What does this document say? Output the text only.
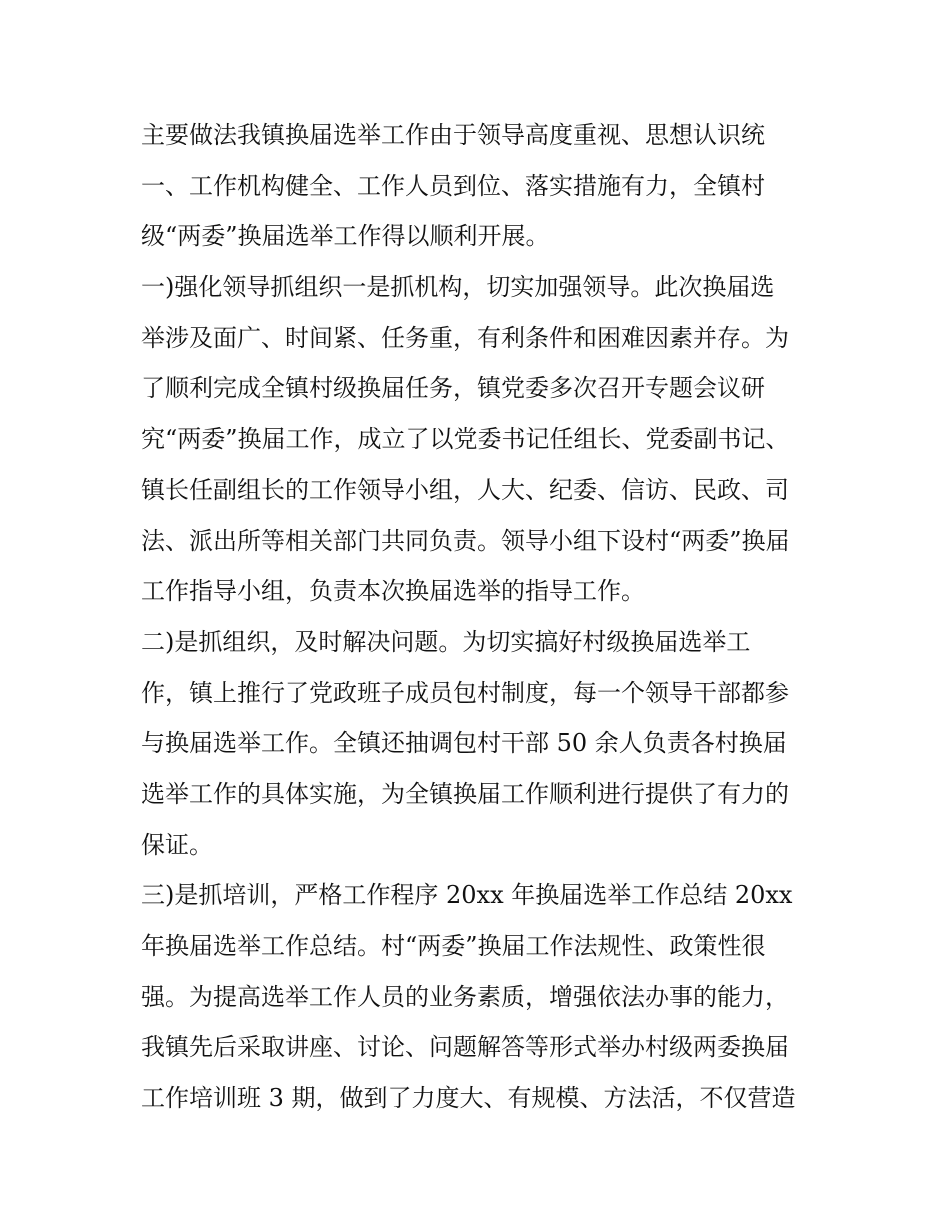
主要做法我镇换届选举工作由于领导高度重视、思想认识统
一、工作机构健全、工作人员到位、落实措施有力，全镇村
级“两委”换届选举工作得以顺利开展。
一)强化领导抓组织一是抓机构，切实加强领导。此次换届选
举涉及面广、时间紧、任务重，有利条件和困难因素并存。为
了顺利完成全镇村级换届任务，镇党委多次召开专题会议研
究“两委”换届工作，成立了以党委书记任组长、党委副书记、
镇长任副组长的工作领导小组，人大、纪委、信访、民政、司
法、派出所等相关部门共同负责。领导小组下设村“两委”换届
工作指导小组，负责本次换届选举的指导工作。
二)是抓组织，及时解决问题。为切实搞好村级换届选举工
作，镇上推行了党政班子成员包村制度，每一个领导干部都参
与换届选举工作。全镇还抽调包村干部 50 余人负责各村换届
选举工作的具体实施，为全镇换届工作顺利进行提供了有力的
保证。
三)是抓培训，严格工作程序 20xx 年换届选举工作总结 20xx
年换届选举工作总结。村“两委”换届工作法规性、政策性很
强。为提高选举工作人员的业务素质，增强依法办事的能力，
我镇先后采取讲座、讨论、问题解答等形式举办村级两委换届
工作培训班 3 期，做到了力度大、有规模、方法活，不仅营造
